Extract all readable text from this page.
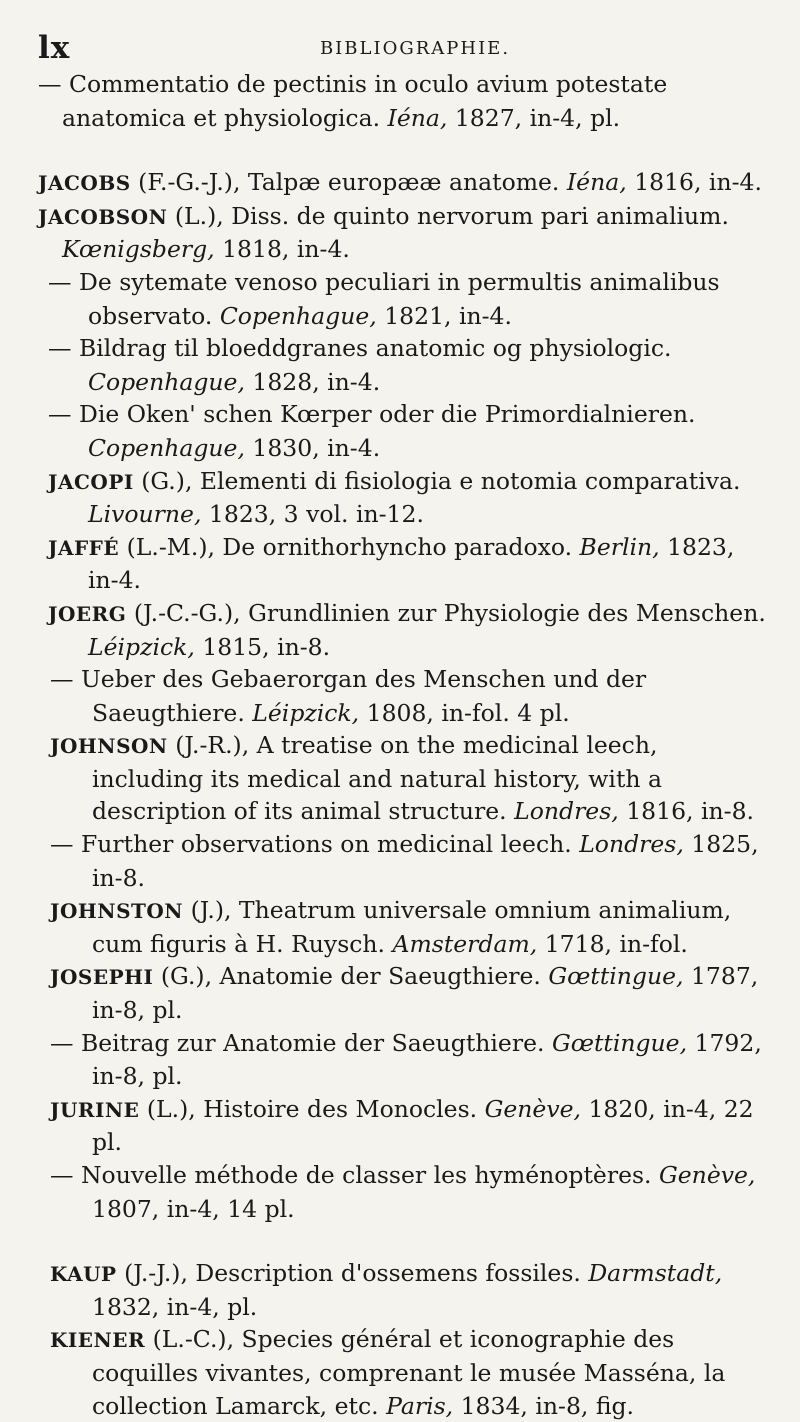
lx	BIBLIOGRAPHIE.

— Commentatio de pectinis in oculo avium potestate anatomica et physiologica. Iéna, 1827, in-4, pl.

JACOBS (F.-G.-J.), Talpæ europææ anatome. Iéna, 1816, in-4.

JACOBSON (L.), Diss. de quinto nervorum pari animalium. Kœnigsberg, 1818, in-4.

— De sytemate venoso peculiari in permultis animalibus observato. Copenhague, 1821, in-4.

— Bildrag til bloeddgranes anatomic og physiologic. Copenhague, 1828, in-4.

— Die Oken' schen Kœrper oder die Primordialnieren. Copenhague, 1830, in-4.

JACOPI (G.), Elementi di fisiologia e notomia comparativa. Livourne, 1823, 3 vol. in-12.

JAFFÉ (L.-M.), De ornithorhyncho paradoxo. Berlin, 1823, in-4.

JOERG (J.-C.-G.), Grundlinien zur Physiologie des Menschen. Léipzick, 1815, in-8.

— Ueber des Gebaerorgan des Menschen und der Saeugthiere. Léipzick, 1808, in-fol. 4 pl.

JOHNSON (J.-R.), A treatise on the medicinal leech, including its medical and natural history, with a description of its animal structure. Londres, 1816, in-8.

— Further observations on medicinal leech. Londres, 1825, in-8.

JOHNSTON (J.), Theatrum universale omnium animalium, cum figuris à H. Ruysch. Amsterdam, 1718, in-fol.

JOSEPHI (G.), Anatomie der Saeugthiere. Gœttingue, 1787, in-8, pl.

— Beitrag zur Anatomie der Saeugthiere. Gœttingue, 1792, in-8, pl.

JURINE (L.), Histoire des Monocles. Genève, 1820, in-4, 22 pl.

— Nouvelle méthode de classer les hyménoptères. Genève, 1807, in-4, 14 pl.

KAUP (J.-J.), Description d'ossemens fossiles. Darmstadt, 1832, in-4, pl.

KIENER (L.-C.), Species général et iconographie des coquilles vivantes, comprenant le musée Masséna, la collection Lamarck, etc. Paris, 1834, in-8, fig.
